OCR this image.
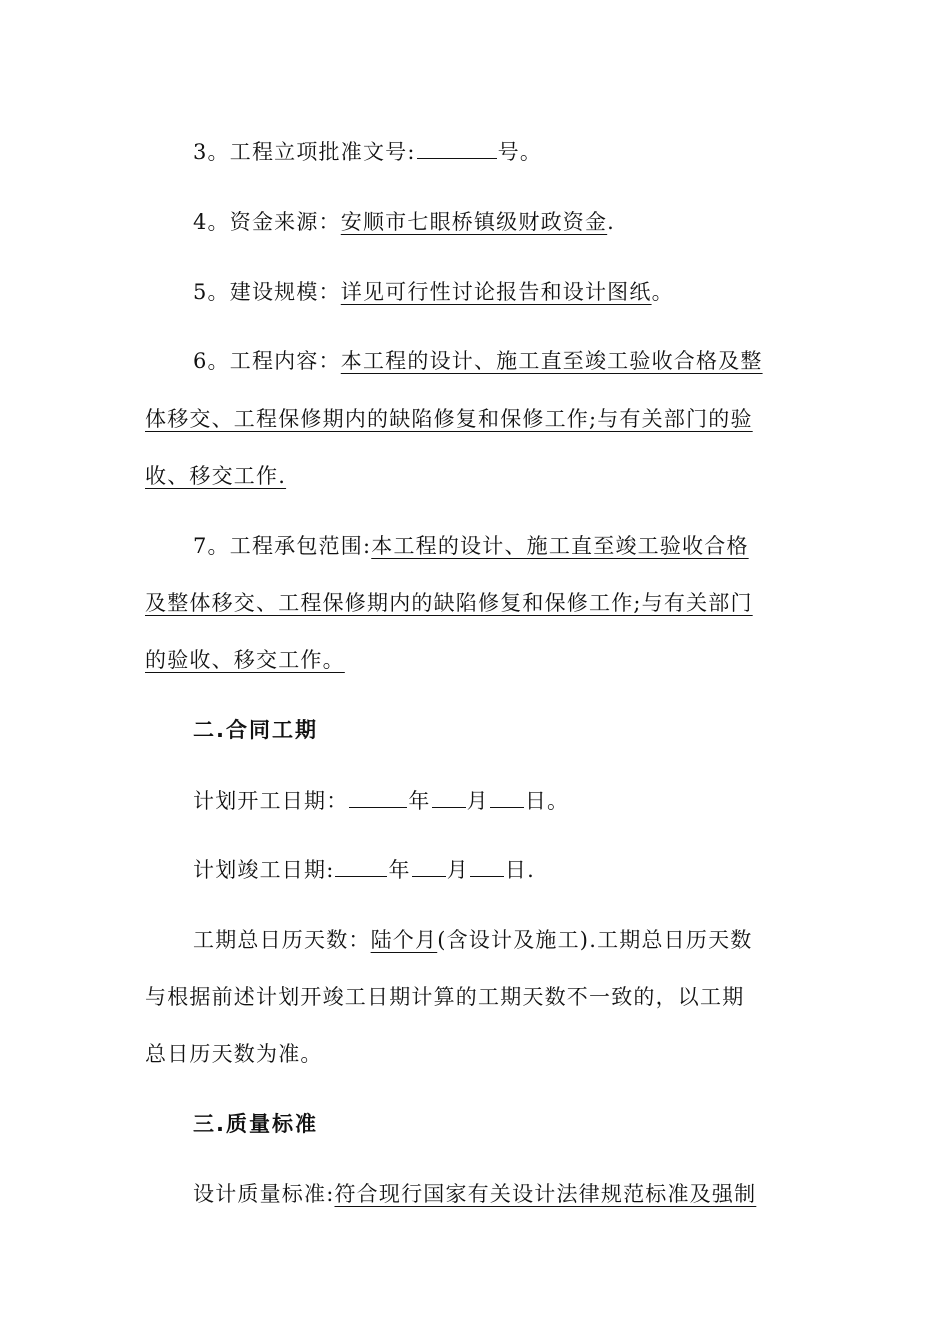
3。工程立项批准文号:	号。
4。资金来源：安顺市七眼桥镇级财政资金.
5。建设规模：详见可行性讨论报告和设计图纸。
6。工程内容：本工程的设计、施工直至竣工验收合格及整
体移交、工程保修期内的缺陷修复和保修工作;与有关部门的验
收、移交工作.
7。工程承包范围:本工程的设计、施工直至竣工验收合格
及整体移交、工程保修期内的缺陷修复和保修工作;与有关部门
的验收、移交工作。
二.合同工期
计划开工日期：	年 月 日。
计划竣工日期:	年 月 日.
工期总日历天数：陆个月(含设计及施工).工期总日历天数
与根据前述计划开竣工日期计算的工期天数不一致的，以工期
总日历天数为准。
三.质量标准
设计质量标准:符合现行国家有关设计法律规范标准及强制
